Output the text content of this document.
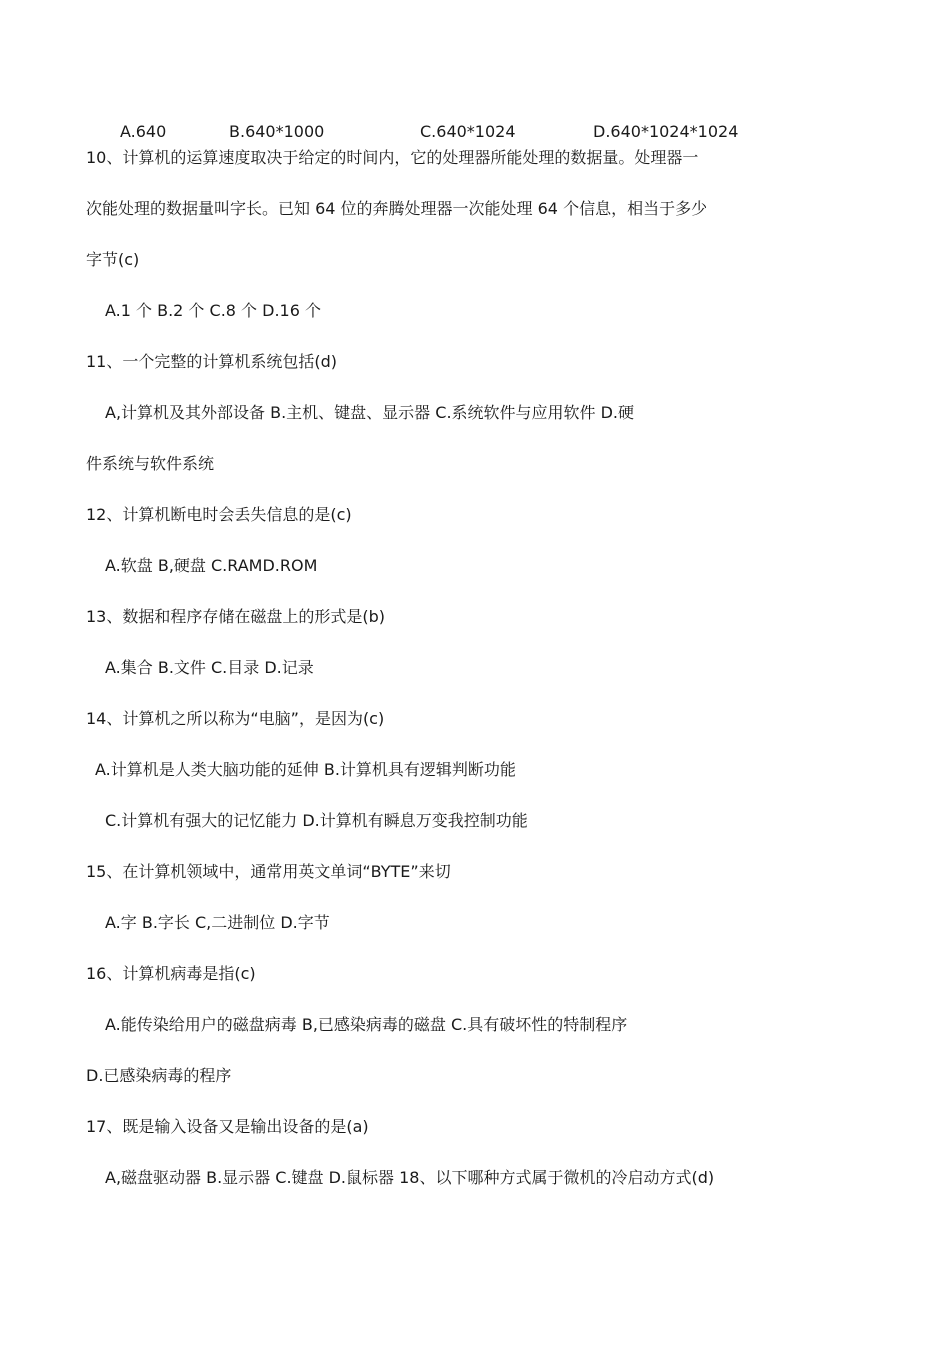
A.640	B.640*1000	C.640*1024	D.640*1024*1024
10、计算机的运算速度取决于给定的时间内，它的处理器所能处理的数据量。处理器一
次能处理的数据量叫字长。已知 64 位的奔腾处理器一次能处理 64 个信息，相当于多少
字节(c)
A.1 个 B.2 个 C.8 个 D.16 个
11、一个完整的计算机系统包括(d)
A,计算机及其外部设备 B.主机、键盘、显示器 C.系统软件与应用软件 D.硬
件系统与软件系统
12、计算机断电时会丢失信息的是(c)
A.软盘 B,硬盘 C.RAMD.ROM
13、数据和程序存储在磁盘上的形式是(b)
A.集合 B.文件 C.目录 D.记录
14、计算机之所以称为“电脑”，是因为(c)
A.计算机是人类大脑功能的延伸 B.计算机具有逻辑判断功能
C.计算机有强大的记忆能力 D.计算机有瞬息万变我控制功能
15、在计算机领域中，通常用英文单词“BYTE”来切
A.字 B.字长 C,二进制位 D.字节
16、计算机病毒是指(c)
A.能传染给用户的磁盘病毒 B,已感染病毒的磁盘 C.具有破坏性的特制程序
D.已感染病毒的程序
17、既是输入设备又是输出设备的是(a)
A,磁盘驱动器 B.显示器 C.键盘 D.鼠标器 18、以下哪种方式属于微机的冷启动方式(d)
